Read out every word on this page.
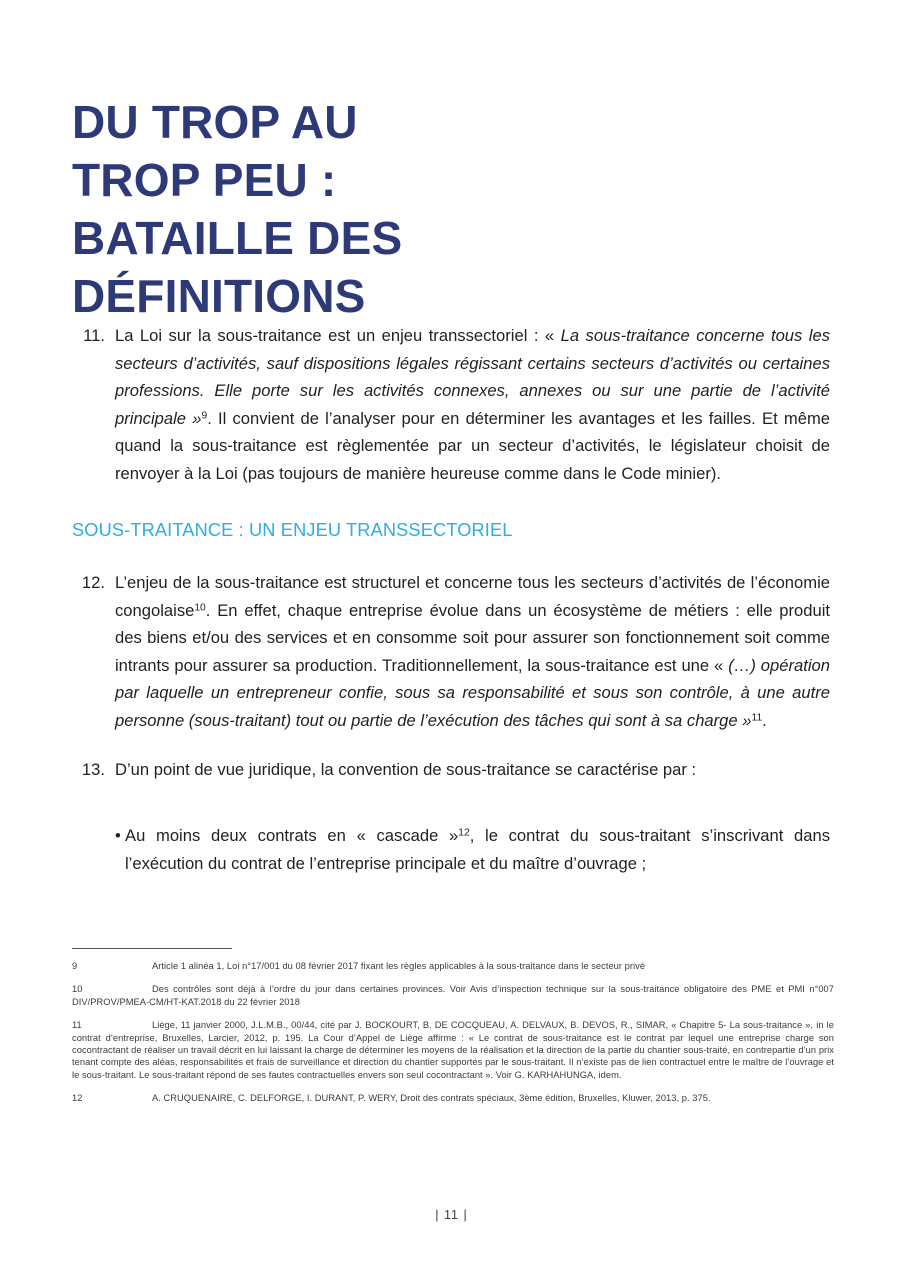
DU TROP AU
TROP PEU :
BATAILLE DES
DÉFINITIONS

11. La Loi sur la sous-traitance est un enjeu transsectoriel : « La sous-traitance concerne tous les secteurs d’activités, sauf dispositions légales régissant certains secteurs d’activités ou certaines professions. Elle porte sur les activités connexes, annexes ou sur une partie de l’activité principale »$^9$. Il convient de l’analyser pour en déterminer les avantages et les failles. Et même quand la sous-traitance est règlementée par un secteur d’activités, le législateur choisit de renvoyer à la Loi (pas toujours de manière heureuse comme dans le Code minier).

SOUS-TRAITANCE : UN ENJEU TRANSSECTORIEL

12. L’enjeu de la sous-traitance est structurel et concerne tous les secteurs d’activités de l’économie congolaise$^{10}$. En effet, chaque entreprise évolue dans un écosystème de métiers : elle produit des biens et/ou des services et en consomme soit pour assurer son fonctionnement soit comme intrants pour assurer sa production. Traditionnellement, la sous-traitance est une « (…) opération par laquelle un entrepreneur confie, sous sa responsabilité et sous son contrôle, à une autre personne (sous-traitant) tout ou partie de l’exécution des tâches qui sont à sa charge »$^{11}$.

13. D’un point de vue juridique, la convention de sous-traitance se caractérise par :

• Au moins deux contrats en « cascade »$^{12}$, le contrat du sous-traitant s’inscrivant dans l’exécution du contrat de l’entreprise principale et du maître d’ouvrage ;

9	Article 1 alinéa 1, Loi n°17/001 du 08 février 2017 fixant les règles applicables à la sous-traitance dans le secteur privé
10	Des contrôles sont déjà à l’ordre du jour dans certaines provinces. Voir Avis d’inspection technique sur la sous-traitance obligatoire des PME et PMI n°007 DIV/PROV/PMEA-CM/HT-KAT.2018 du 22 février 2018
11	Liège, 11 janvier 2000, J.L.M.B., 00/44, cité par J. BOCKOURT, B. DE COCQUEAU, A. DELVAUX, B. DEVOS, R., SIMAR, « Chapitre 5- La sous-traitance », in le contrat d’entreprise, Bruxelles, Larcier, 2012, p. 195. La Cour d’Appel de Liège affirme : « Le contrat de sous-traitance est le contrat par lequel une entreprise charge son cocontractant de réaliser un travail décrit en lui laissant la charge de déterminer les moyens de la réalisation et la direction de la partie du chantier sous-traité, en contrepartie d’un prix tenant compte des aléas, responsabilités et frais de surveillance et direction du chantier supportés par le sous-traitant. Il n’existe pas de lien contractuel entre le maître de l’ouvrage et le sous-traitant. Le sous-traitant répond de ses fautes contractuelles envers son seul cocontractant ». Voir G. KARHAHUNGA, idem.
12	A. CRUQUENAIRE, C. DELFORGE, I. DURANT, P. WERY, Droit des contrats spéciaux, 3ème édition, Bruxelles, Kluwer, 2013, p. 375.
| 11 |
